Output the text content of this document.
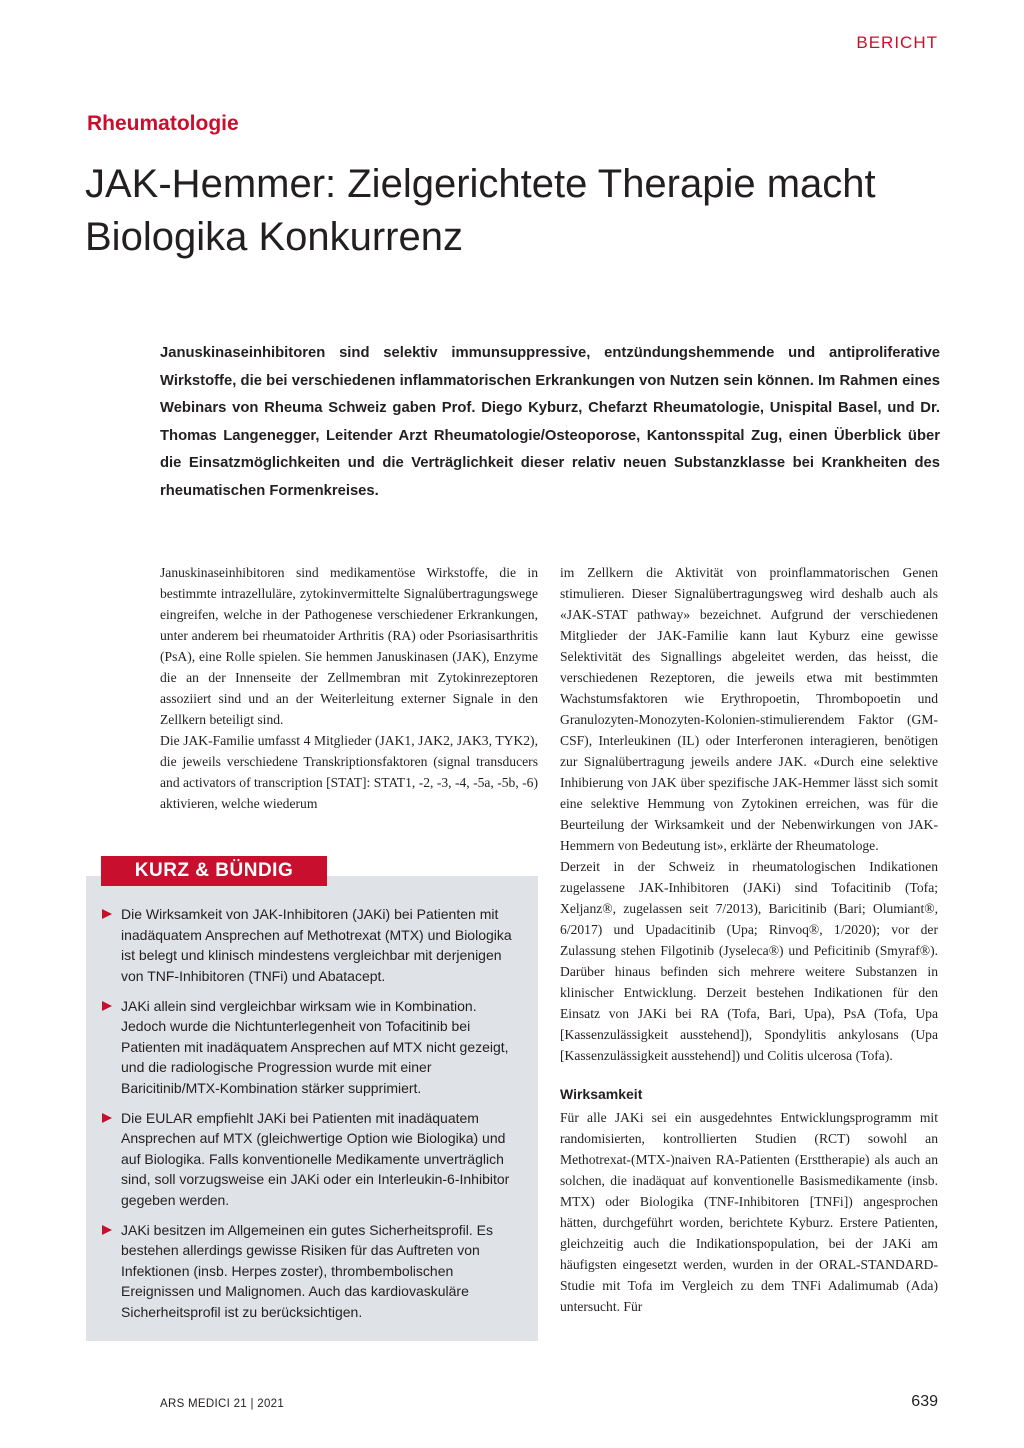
BERICHT
Rheumatologie
JAK-Hemmer: Zielgerichtete Therapie macht Biologika Konkurrenz
Januskinaseinhibitoren sind selektiv immunsuppressive, entzündungshemmende und antiproliferative Wirkstoffe, die bei verschiedenen inflammatorischen Erkrankungen von Nutzen sein können. Im Rahmen eines Webinars von Rheuma Schweiz gaben Prof. Diego Kyburz, Chefarzt Rheumatologie, Unispital Basel, und Dr. Thomas Langenegger, Leitender Arzt Rheumatologie/Osteoporose, Kantonsspital Zug, einen Überblick über die Einsatzmöglichkeiten und die Verträglichkeit dieser relativ neuen Substanzklasse bei Krankheiten des rheumatischen Formenkreises.

Januskinaseinhibitoren sind medikamentöse Wirkstoffe, die in bestimmte intrazelluläre, zytokinvermittelte Signalübertragungswege eingreifen, welche in der Pathogenese verschiedener Erkrankungen, unter anderem bei rheumatoider Arthritis (RA) oder Psoriasisarthritis (PsA), eine Rolle spielen. Sie hemmen Januskinasen (JAK), Enzyme die an der Innenseite der Zellmembran mit Zytokinrezeptoren assoziiert sind und an der Weiterleitung externer Signale in den Zellkern beteiligt sind.

Die JAK-Familie umfasst 4 Mitglieder (JAK1, JAK2, JAK3, TYK2), die jeweils verschiedene Transkriptionsfaktoren (signal transducers and activators of transcription [STAT]: STAT1, -2, -3, -4, -5a, -5b, -6) aktivieren, welche wiederum

KURZ & BÜNDIG
Die Wirksamkeit von JAK-Inhibitoren (JAKi) bei Patienten mit inadäquatem Ansprechen auf Methotrexat (MTX) und Biologika ist belegt und klinisch mindestens vergleichbar mit derjenigen von TNF-Inhibitoren (TNFi) und Abatacept.
JAKi allein sind vergleichbar wirksam wie in Kombination. Jedoch wurde die Nichtunterlegenheit von Tofacitinib bei Patienten mit inadäquatem Ansprechen auf MTX nicht gezeigt, und die radiologische Progression wurde mit einer Baricitinib/MTX-Kombination stärker supprimiert.
Die EULAR empfiehlt JAKi bei Patienten mit inadäquatem Ansprechen auf MTX (gleichwertige Option wie Biologika) und auf Biologika. Falls konventionelle Medikamente unverträglich sind, soll vorzugsweise ein JAKi oder ein Interleukin-6-Inhibitor gegeben werden.
JAKi besitzen im Allgemeinen ein gutes Sicherheitsprofil. Es bestehen allerdings gewisse Risiken für das Auftreten von Infektionen (insb. Herpes zoster), thrombembolischen Ereignissen und Malignomen. Auch das kardiovaskuläre Sicherheitsprofil ist zu berücksichtigen.

im Zellkern die Aktivität von proinflammatorischen Genen stimulieren. Dieser Signalübertragungsweg wird deshalb auch als «JAK-STAT pathway» bezeichnet. Aufgrund der verschiedenen Mitglieder der JAK-Familie kann laut Kyburz eine gewisse Selektivität des Signallings abgeleitet werden, das heisst, die verschiedenen Rezeptoren, die jeweils etwa mit bestimmten Wachstumsfaktoren wie Erythropoetin, Thrombopoetin und Granulozyten-Monozyten-Kolonien-stimulierendem Faktor (GM-CSF), Interleukinen (IL) oder Interferonen interagieren, benötigen zur Signalübertragung jeweils andere JAK. «Durch eine selektive Inhibierung von JAK über spezifische JAK-Hemmer lässt sich somit eine selektive Hemmung von Zytokinen erreichen, was für die Beurteilung der Wirksamkeit und der Nebenwirkungen von JAK-Hemmern von Bedeutung ist», erklärte der Rheumatologe.

Derzeit in der Schweiz in rheumatologischen Indikationen zugelassene JAK-Inhibitoren (JAKi) sind Tofacitinib (Tofa; Xeljanz®, zugelassen seit 7/2013), Baricitinib (Bari; Olumiant®, 6/2017) und Upadacitinib (Upa; Rinvoq®, 1/2020); vor der Zulassung stehen Filgotinib (Jyseleca®) und Peficitinib (Smyraf®). Darüber hinaus befinden sich mehrere weitere Substanzen in klinischer Entwicklung. Derzeit bestehen Indikationen für den Einsatz von JAKi bei RA (Tofa, Bari, Upa), PsA (Tofa, Upa [Kassenzulässigkeit ausstehend]), Spondylitis ankylosans (Upa [Kassenzulässigkeit ausstehend]) und Colitis ulcerosa (Tofa).

Wirksamkeit

Für alle JAKi sei ein ausgedehntes Entwicklungsprogramm mit randomisierten, kontrollierten Studien (RCT) sowohl an Methotrexat-(MTX-)naiven RA-Patienten (Ersttherapie) als auch an solchen, die inadäquat auf konventionelle Basismedikamente (insb. MTX) oder Biologika (TNF-Inhibitoren [TNFi]) angesprochen hätten, durchgeführt worden, berichtete Kyburz. Erstere Patienten, gleichzeitig auch die Indikationspopulation, bei der JAKi am häufigsten eingesetzt werden, wurden in der ORAL-STANDARD-Studie mit Tofa im Vergleich zu dem TNFi Adalimumab (Ada) untersucht. Für

ARS MEDICI 21 | 2021	639
